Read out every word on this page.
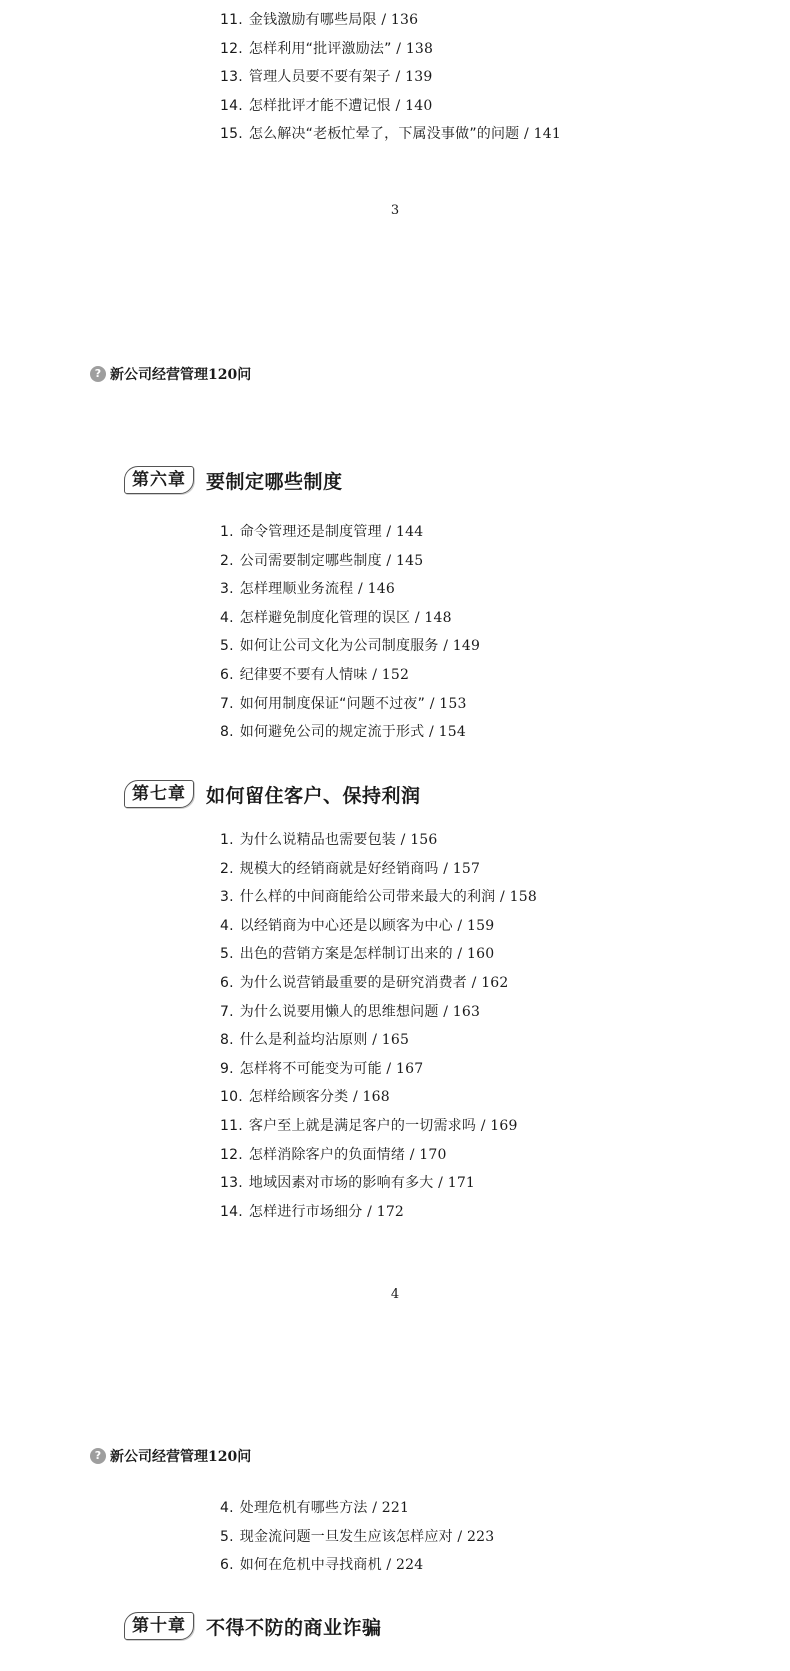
11. 金钱激励有哪些局限 / 136
12. 怎样利用“批评激励法” / 138
13. 管理人员要不要有架子 / 139
14. 怎样批评才能不遭记恨 / 140
15. 怎么解决“老板忙晕了，下属没事做”的问题 / 141
3
? 新公司经营管理120问
第六章	要制定哪些制度
1. 命令管理还是制度管理 / 144
2. 公司需要制定哪些制度 / 145
3. 怎样理顺业务流程 / 146
4. 怎样避免制度化管理的误区 / 148
5. 如何让公司文化为公司制度服务 / 149
6. 纪律要不要有人情味 / 152
7. 如何用制度保证“问题不过夜” / 153
8. 如何避免公司的规定流于形式 / 154
第七章	如何留住客户、保持利润
1. 为什么说精品也需要包装 / 156
2. 规模大的经销商就是好经销商吗 / 157
3. 什么样的中间商能给公司带来最大的利润 / 158
4. 以经销商为中心还是以顾客为中心 / 159
5. 出色的营销方案是怎样制订出来的 / 160
6. 为什么说营销最重要的是研究消费者 / 162
7. 为什么说要用懒人的思维想问题 / 163
8. 什么是利益均沾原则 / 165
9. 怎样将不可能变为可能 / 167
10. 怎样给顾客分类 / 168
11. 客户至上就是满足客户的一切需求吗 / 169
12. 怎样消除客户的负面情绪 / 170
13. 地域因素对市场的影响有多大 / 171
14. 怎样进行市场细分 / 172
4
? 新公司经营管理120问
4. 处理危机有哪些方法 / 221
5. 现金流问题一旦发生应该怎样应对 / 223
6. 如何在危机中寻找商机 / 224
第十章	不得不防的商业诈骗
